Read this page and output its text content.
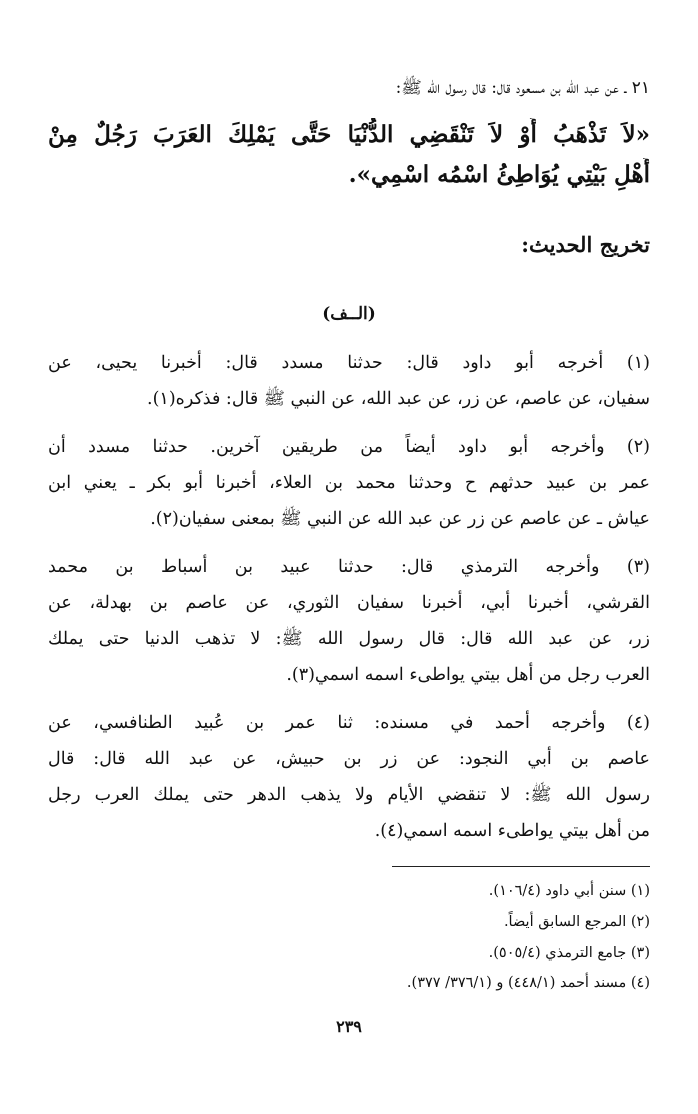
٢١ ـ عن عبد الله بن مسعود قال: قال رسول الله ﷺ:
«لاَ تَذْهَبُ أَوْ لاَ تَنْقَضِي الدُّنْيَا حَتَّى يَمْلِكَ العَرَبَ رَجُلٌ مِنْ
أَهْلِ بَيْتِي يُوَاطِئُ اسْمُه اسْمِي».
تخريج الحديث:
(الــف)
(١) أخرجه أبو داود قال: حدثنا مسدد قال: أخبرنا يحيى، عن
سفيان، عن عاصم، عن زر، عن عبد الله، عن النبي ﷺ قال: فذكره(١).
(٢) وأخرجه أبو داود أيضاً من طريقين آخرين. حدثنا مسدد أن
عمر بن عبيد حدثهم ح وحدثنا محمد بن العلاء، أخبرنا أبو بكر ـ يعني ابن
عياش ـ عن عاصم عن زر عن عبد الله عن النبي ﷺ بمعنى سفيان(٢).
(٣) وأخرجه الترمذي قال: حدثنا عبيد بن أسباط بن محمد
القرشي، أخبرنا أبي، أخبرنا سفيان الثوري، عن عاصم بن بهدلة، عن
زر، عن عبد الله قال: قال رسول الله ﷺ: لا تذهب الدنيا حتى يملك
العرب رجل من أهل بيتي يواطىء اسمه اسمي(٣).
(٤) وأخرجه أحمد في مسنده: ثنا عمر بن عُبيد الطنافسي، عن
عاصم بن أبي النجود: عن زر بن حبيش، عن عبد الله قال: قال
رسول الله ﷺ: لا تنقضي الأيام ولا يذهب الدهر حتى يملك العرب رجل
من أهل بيتي يواطىء اسمه اسمي(٤).
(١) سنن أبي داود (١٠٦/٤).
(٢) المرجع السابق أيضاً.
(٣) جامع الترمذي (٥٠٥/٤).
(٤) مسند أحمد (٤٤٨/١) و (٣٧٦/١/ ٣٧٧).
٢٣٩
